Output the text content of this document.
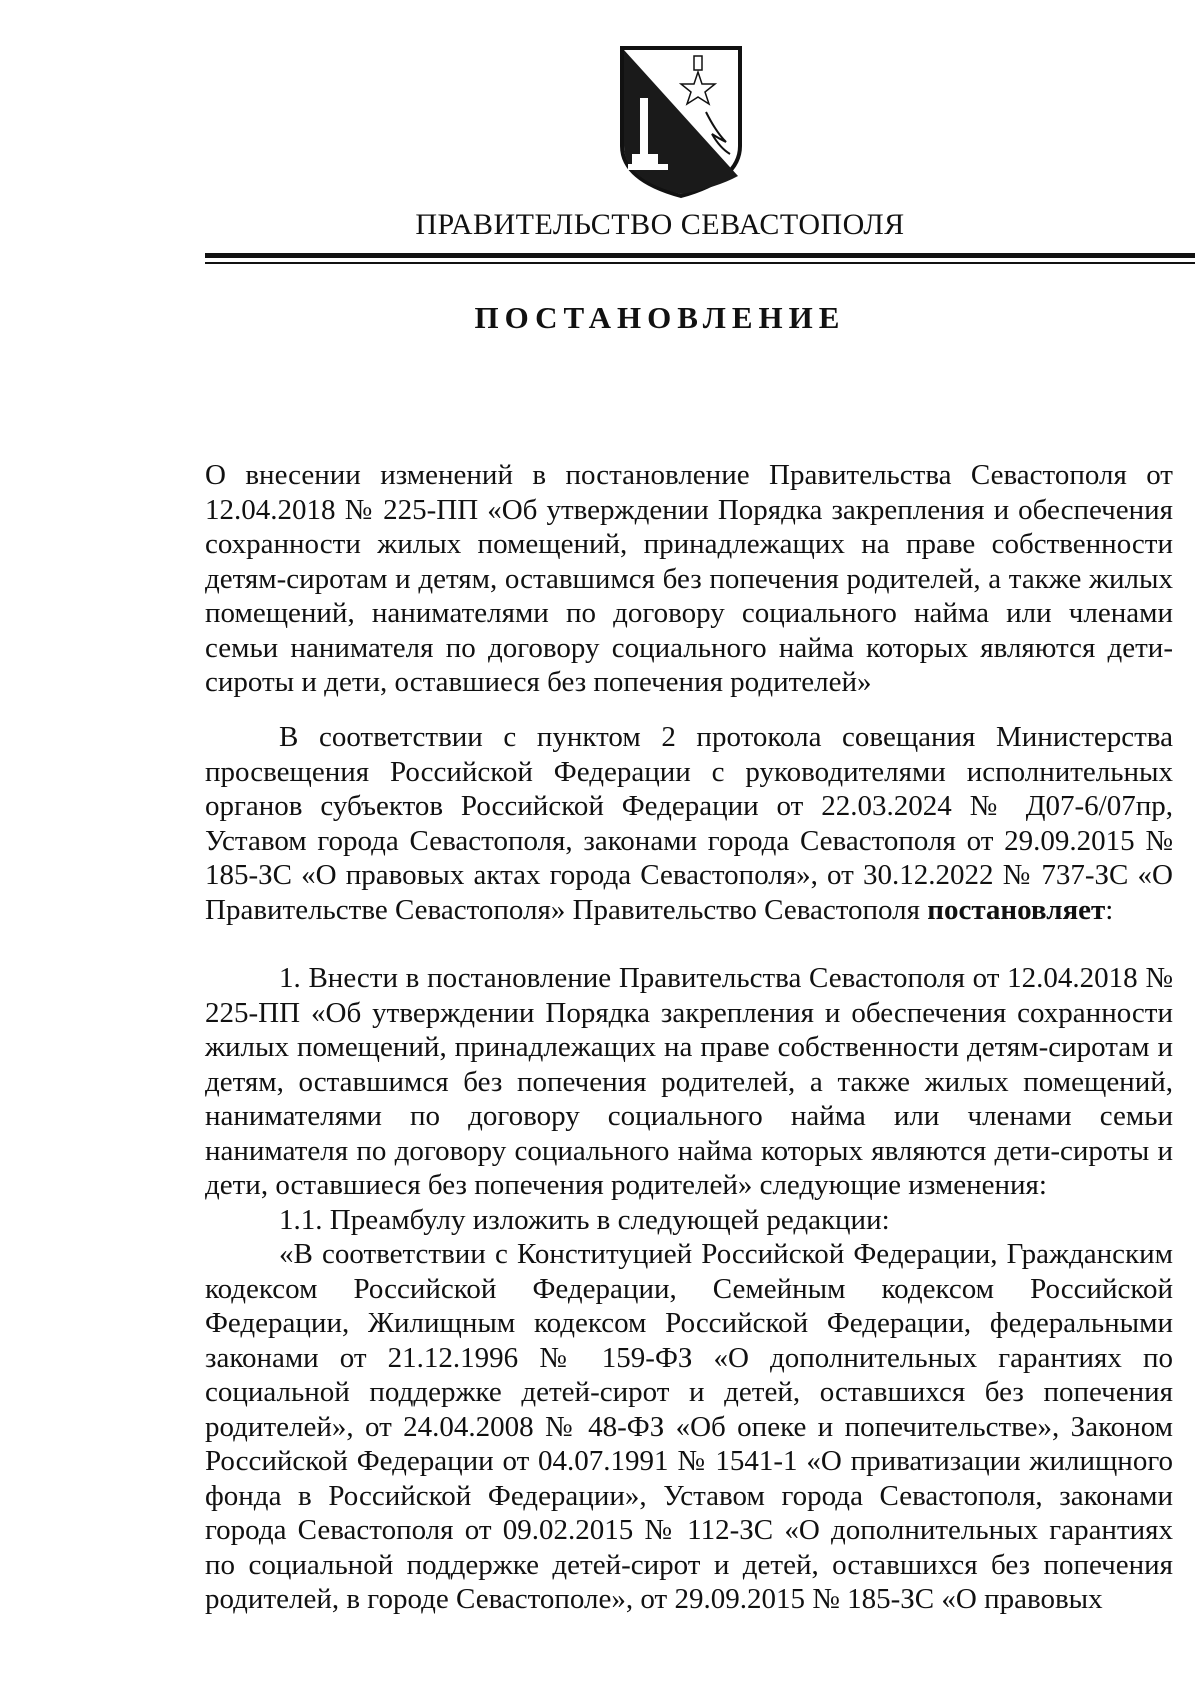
ПРАВИТЕЛЬСТВО СЕВАСТОПОЛЯ
ПОСТАНОВЛЕНИЕ
О внесении изменений в постановление Правительства Севастополя от 12.04.2018 № 225-ПП «Об утверждении Порядка закрепления и обеспечения сохранности жилых помещений, принадлежащих на праве собственности детям-сиротам и детям, оставшимся без попечения родителей, а также жилых помещений, нанимателями по договору социального найма или членами семьи нанимателя по договору социального найма которых являются дети-сироты и дети, оставшиеся без попечения родителей»

В соответствии с пунктом 2 протокола совещания Министерства просвещения Российской Федерации с руководителями исполнительных органов субъектов Российской Федерации от 22.03.2024 № Д07-6/07пр, Уставом города Севастополя, законами города Севастополя от 29.09.2015 № 185-ЗС «О правовых актах города Севастополя», от 30.12.2022 № 737-ЗС «О Правительстве Севастополя» Правительство Севастополя постановляет:

1. Внести в постановление Правительства Севастополя от 12.04.2018 № 225-ПП «Об утверждении Порядка закрепления и обеспечения сохранности жилых помещений, принадлежащих на праве собственности детям-сиротам и детям, оставшимся без попечения родителей, а также жилых помещений, нанимателями по договору социального найма или членами семьи нанимателя по договору социального найма которых являются дети-сироты и дети, оставшиеся без попечения родителей» следующие изменения:

1.1. Преамбулу изложить в следующей редакции:

«В соответствии с Конституцией Российской Федерации, Гражданским кодексом Российской Федерации, Семейным кодексом Российской Федерации, Жилищным кодексом Российской Федерации, федеральными законами от 21.12.1996 № 159-ФЗ «О дополнительных гарантиях по социальной поддержке детей-сирот и детей, оставшихся без попечения родителей», от 24.04.2008 № 48-ФЗ «Об опеке и попечительстве», Законом Российской Федерации от 04.07.1991 № 1541-1 «О приватизации жилищного фонда в Российской Федерации», Уставом города Севастополя, законами города Севастополя от 09.02.2015 № 112-ЗС «О дополнительных гарантиях по социальной поддержке детей-сирот и детей, оставшихся без попечения родителей, в городе Севастополе», от 29.09.2015 № 185-ЗС «О правовых
